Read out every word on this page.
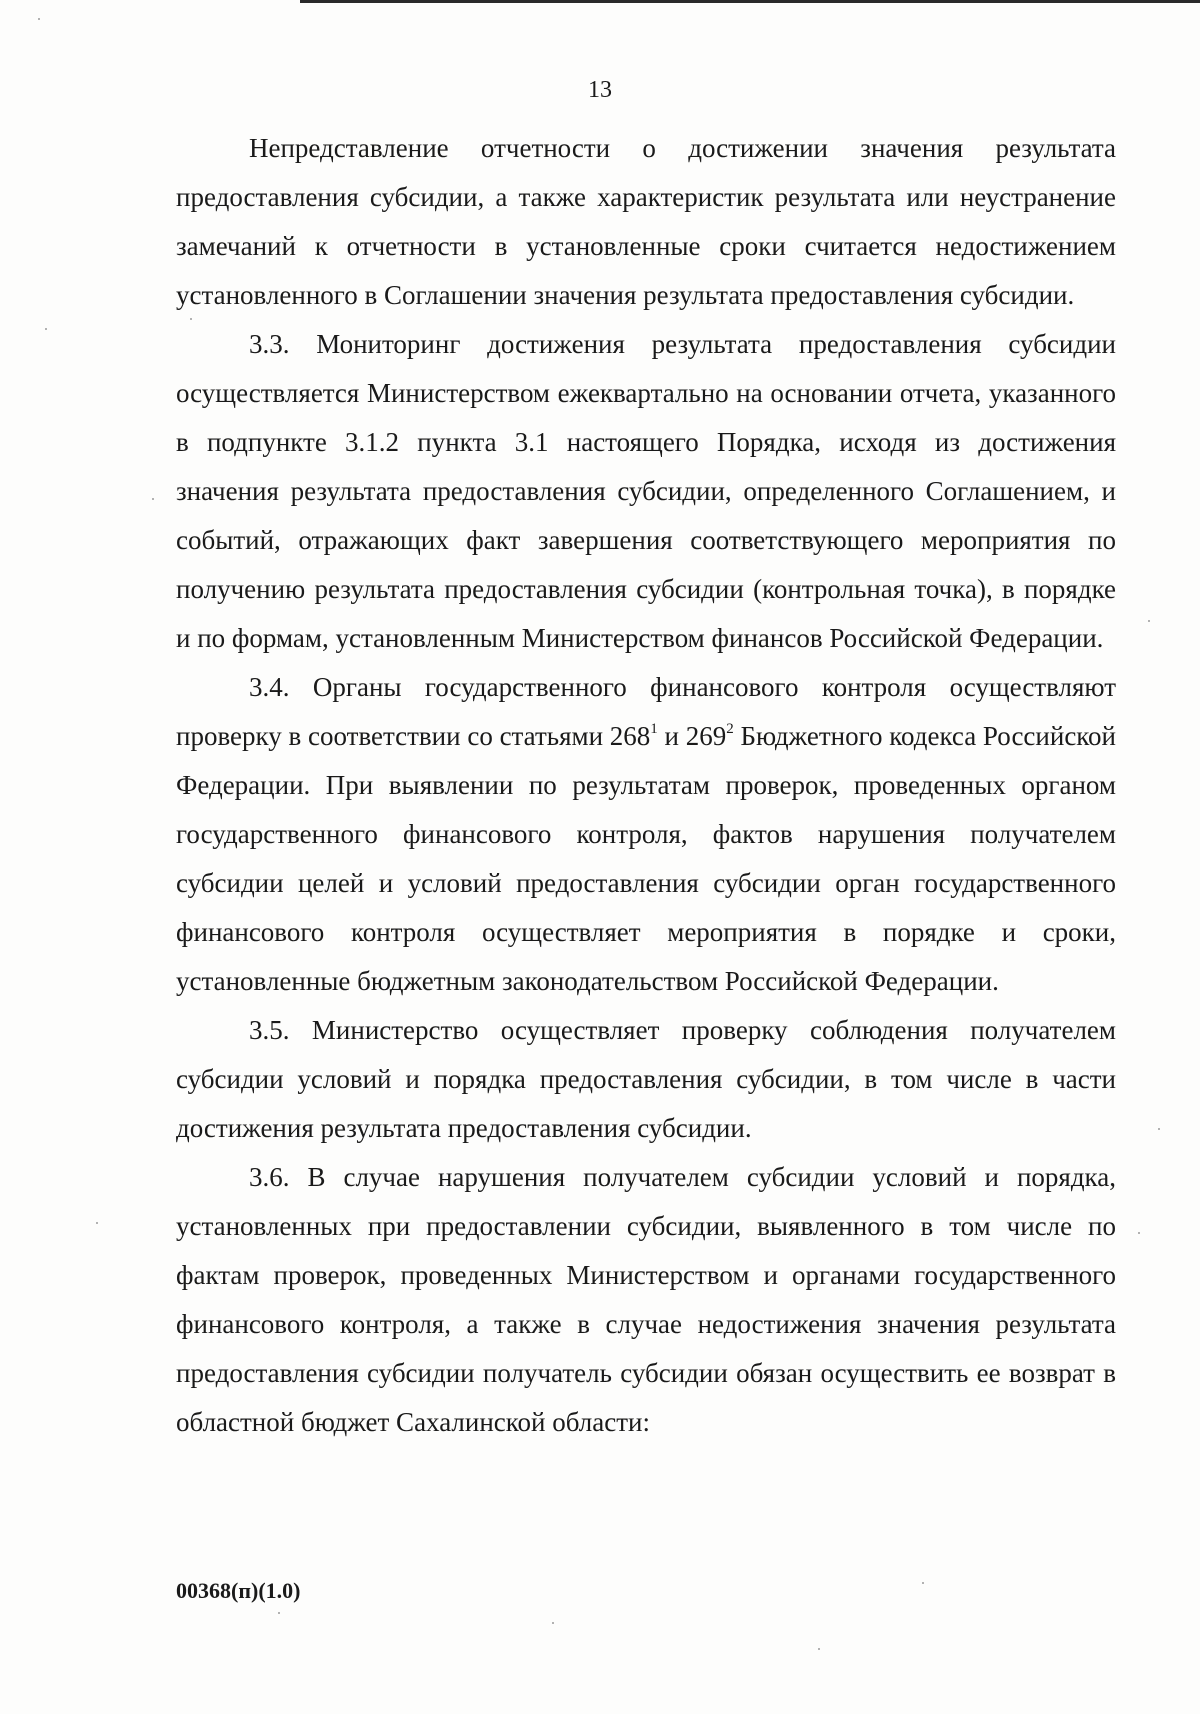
13

Непредставление отчетности о достижении значения результата предоставления субсидии, а также характеристик результата или неустранение замечаний к отчетности в установленные сроки считается недостижением установленного в Соглашении значения результата предоставления субсидии.

3.3. Мониторинг достижения результата предоставления субсидии осуществляется Министерством ежеквартально на основании отчета, указанного в подпункте 3.1.2 пункта 3.1 настоящего Порядка, исходя из достижения значения результата предоставления субсидии, определенного Соглашением, и событий, отражающих факт завершения соответствующего мероприятия по получению результата предоставления субсидии (контрольная точка), в порядке и по формам, установленным Министерством финансов Российской Федерации.

3.4. Органы государственного финансового контроля осуществляют проверку в соответствии со статьями $268^1$ и $269^2$ Бюджетного кодекса Российской Федерации. При выявлении по результатам проверок, проведенных органом государственного финансового контроля, фактов нарушения получателем субсидии целей и условий предоставления субсидии орган государственного финансового контроля осуществляет мероприятия в порядке и сроки, установленные бюджетным законодательством Российской Федерации.

3.5. Министерство осуществляет проверку соблюдения получателем субсидии условий и порядка предоставления субсидии, в том числе в части достижения результата предоставления субсидии.

3.6. В случае нарушения получателем субсидии условий и порядка, установленных при предоставлении субсидии, выявленного в том числе по фактам проверок, проведенных Министерством и органами государственного финансового контроля, а также в случае недостижения значения результата предоставления субсидии получатель субсидии обязан осуществить ее возврат в областной бюджет Сахалинской области:

00368(п)(1.0)
